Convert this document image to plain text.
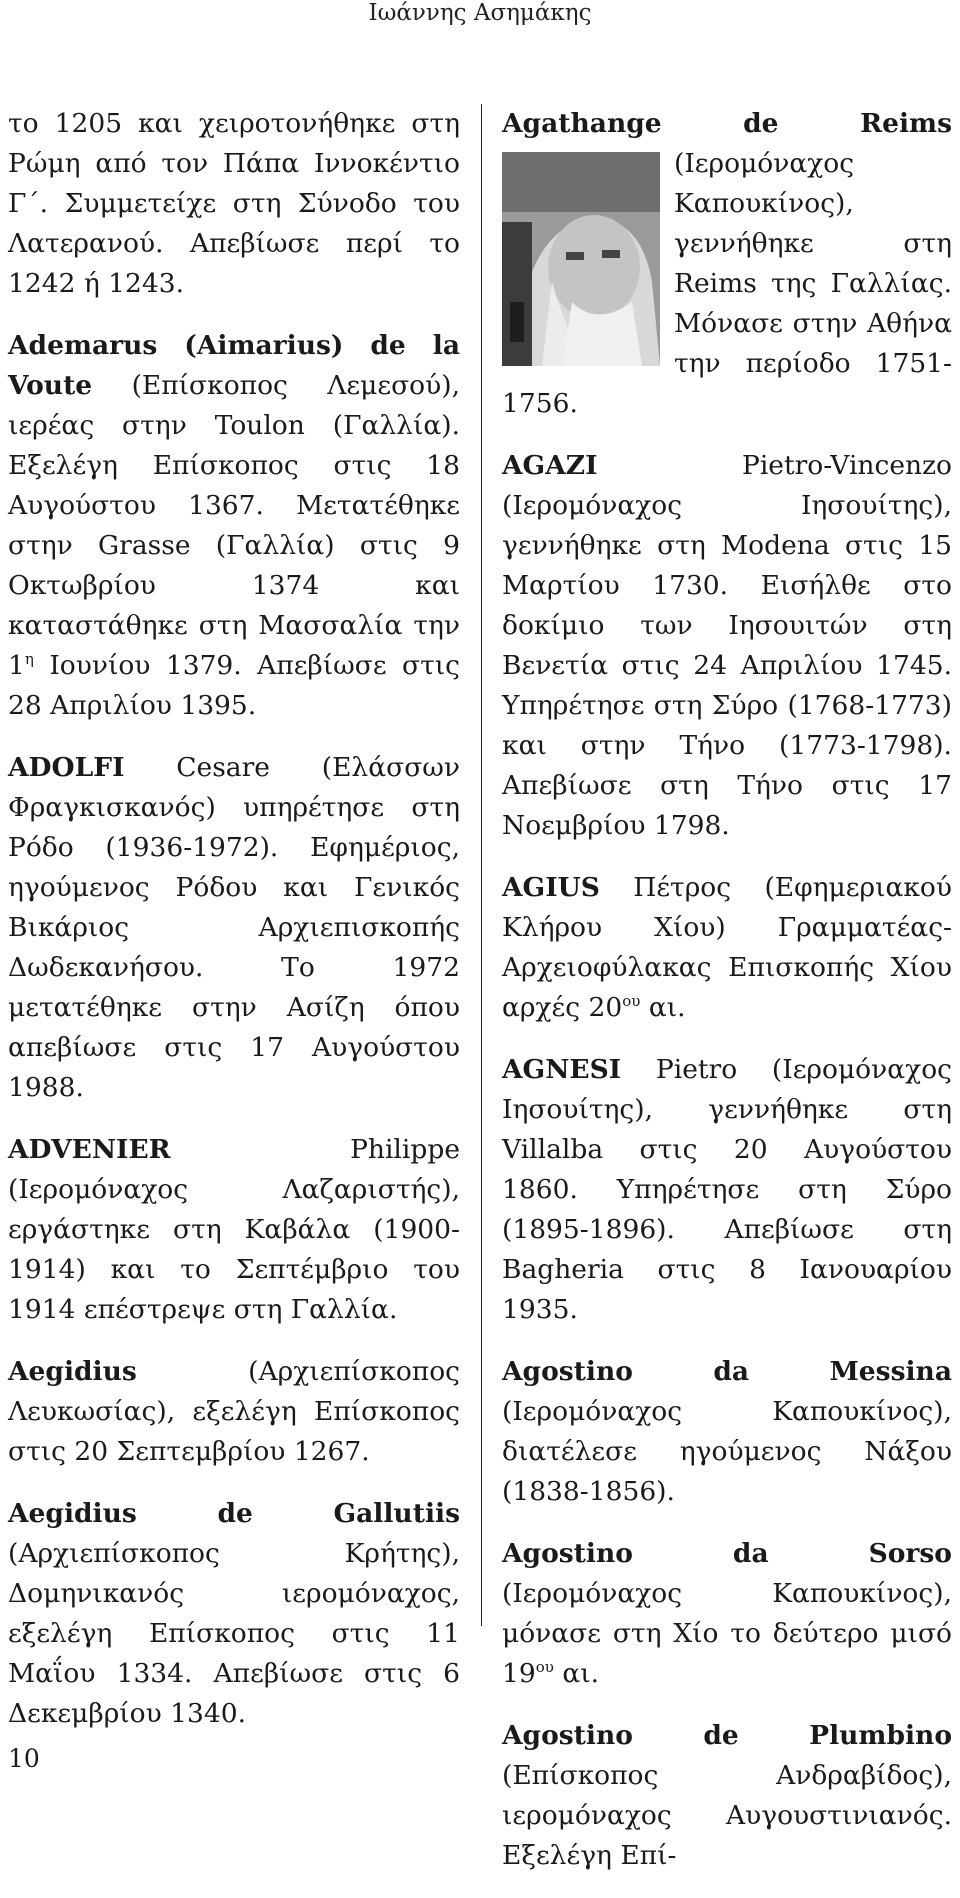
Ιωάννης Ασημάκης

το 1205 και χειροτονήθηκε στη Ρώμη από τον Πάπα Ιννοκέντιο Γ΄. Συμμετείχε στη Σύνοδο του Λατερανού. Απεβίωσε περί το 1242 ή 1243.

Ademarus (Aimarius) de la Voute (Επίσκοπος Λεμεσού), ιερέας στην Toulon (Γαλλία). Εξελέγη Επίσκοπος στις 18 Αυγούστου 1367. Μετατέθηκε στην Grasse (Γαλλία) στις 9 Οκτωβρίου 1374 και καταστάθηκε στη Μασσαλία την $1^\eta$ Ιουνίου 1379. Απεβίωσε στις 28 Απριλίου 1395.

ADOLFI Cesare (Ελάσσων Φραγκισκανός) υπηρέτησε στη Ρόδο (1936-1972). Εφημέριος, ηγούμενος Ρόδου και Γενικός Βικάριος Αρχιεπισκοπής Δωδεκανήσου. Το 1972 μετατέθηκε στην Ασίζη όπου απεβίωσε στις 17 Αυγούστου 1988.

ADVENIER Philippe (Ιερομόναχος Λαζαριστής), εργάστηκε στη Καβάλα (1900-1914) και το Σεπτέμβριο του 1914 επέστρεψε στη Γαλλία.

Aegidius (Αρχιεπίσκοπος Λευκωσίας), εξελέγη Επίσκοπος στις 20 Σεπτεμβρίου 1267.

Aegidius de Gallutiis (Αρχιεπίσκοπος Κρήτης), Δομηνικανός ιερομόναχος, εξελέγη Επίσκοπος στις 11 Μαΐου 1334. Απεβίωσε στις 6 Δεκεμβρίου 1340.

Agathange de Reims
(Ιερομόναχος Καπουκίνος), γεννήθηκε στη Reims της Γαλλίας. Μόνασε στην Αθήνα την περίοδο 1751-1756.

AGAZI Pietro-Vincenzo (Ιερομόναχος Ιησουίτης), γεννήθηκε στη Modena στις 15 Μαρτίου 1730. Εισήλθε στο δοκίμιο των Ιησουιτών στη Βενετία στις 24 Απριλίου 1745. Υπηρέτησε στη Σύρο (1768-1773) και στην Τήνο (1773-1798). Απεβίωσε στη Τήνο στις 17 Νοεμβρίου 1798.

AGIUS Πέτρος (Εφημεριακού Κλήρου Χίου) Γραμματέας-Αρχειοφύλακας Επισκοπής Χίου αρχές $20^{o\upsilon}$ αι.

AGNESI Pietro (Ιερομόναχος Ιησουίτης), γεννήθηκε στη Villalba στις 20 Αυγούστου 1860. Υπηρέτησε στη Σύρο (1895-1896). Απεβίωσε στη Bagheria στις 8 Ιανουαρίου 1935.

Agostino da Messina (Ιερομόναχος Καπουκίνος), διατέλεσε ηγούμενος Νάξου (1838-1856).

Agostino da Sorso (Ιερομόναχος Καπουκίνος), μόνασε στη Χίο το δεύτερο μισό $19^{o\upsilon}$ αι.

Agostino de Plumbino (Επίσκοπος Ανδραβίδος), ιερομόναχος Αυγουστινιανός. Εξελέγη Επί-

10
